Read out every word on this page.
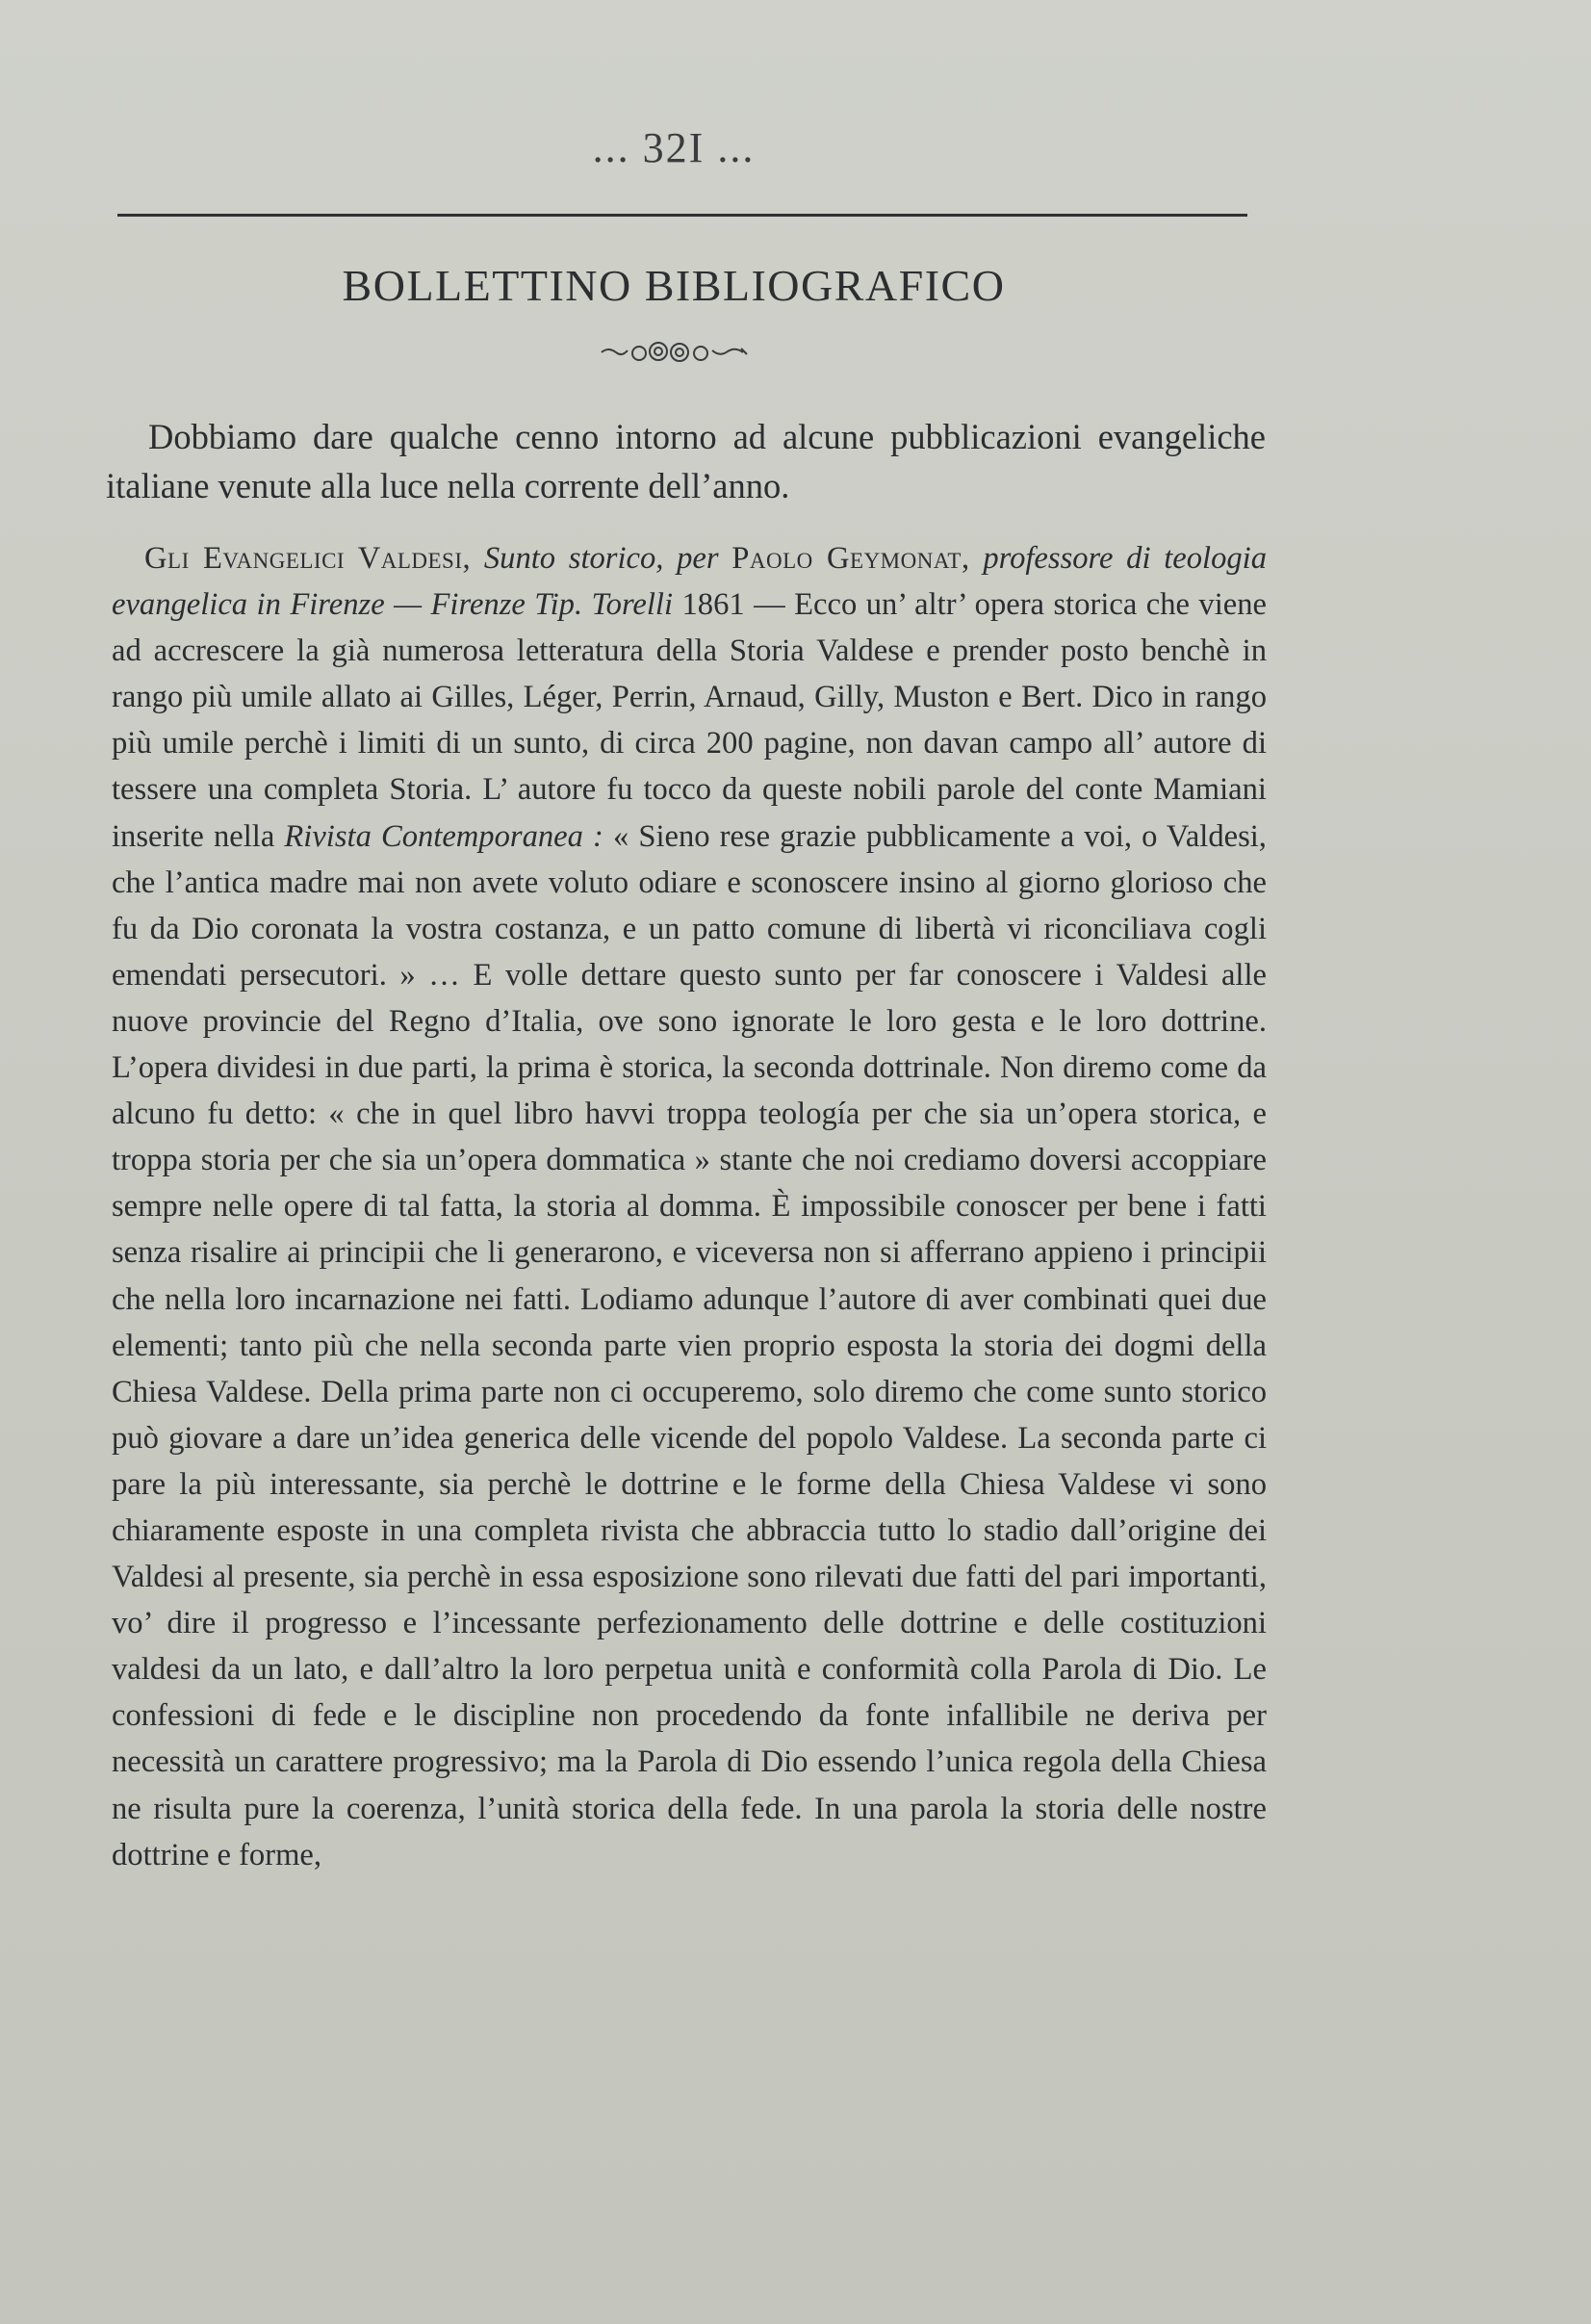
... 32I ...
BOLLETTINO BIBLIOGRAFICO

Dobbiamo dare qualche cenno intorno ad alcune pubblicazioni evangeliche italiane venute alla luce nella corrente dell’anno.

Gli Evangelici Valdesi, Sunto storico, per Paolo Geymonat, professore di teologia evangelica in Firenze — Firenze Tip. Torelli 1861 — Ecco un’ altr’ opera storica che viene ad accrescere la già numerosa letteratura della Storia Valdese e prender posto benchè in rango più umile allato ai Gilles, Léger, Perrin, Arnaud, Gilly, Muston e Bert. Dico in rango più umile perchè i limiti di un sunto, di circa 200 pagine, non davan campo all’ autore di tessere una completa Storia. L’ autore fu tocco da queste nobili parole del conte Mamiani inserite nella Rivista Contemporanea : « Sieno rese grazie pubblicamente a voi, o Valdesi, che l’antica madre mai non avete voluto odiare e sconoscere insino al giorno glorioso che fu da Dio coronata la vostra costanza, e un patto comune di libertà vi riconciliava cogli emendati persecutori. » … E volle dettare questo sunto per far conoscere i Valdesi alle nuove provincie del Regno d’Italia, ove sono ignorate le loro gesta e le loro dottrine. L’opera dividesi in due parti, la prima è storica, la seconda dottrinale. Non diremo come da alcuno fu detto: « che in quel libro havvi troppa teología per che sia un’opera storica, e troppa storia per che sia un’opera dommatica » stante che noi crediamo doversi accoppiare sempre nelle opere di tal fatta, la storia al domma. È impossibile conoscer per bene i fatti senza risalire ai principii che li generarono, e viceversa non si afferrano appieno i principii che nella loro incarnazione nei fatti. Lodiamo adunque l’autore di aver combinati quei due elementi; tanto più che nella seconda parte vien proprio esposta la storia dei dogmi della Chiesa Valdese. Della prima parte non ci occuperemo, solo diremo che come sunto storico può giovare a dare un’idea generica delle vicende del popolo Valdese. La seconda parte ci pare la più interessante, sia perchè le dottrine e le forme della Chiesa Valdese vi sono chiaramente esposte in una completa rivista che abbraccia tutto lo stadio dall’origine dei Valdesi al presente, sia perchè in essa esposizione sono rilevati due fatti del pari importanti, vo’ dire il progresso e l’incessante perfezionamento delle dottrine e delle costituzioni valdesi da un lato, e dall’altro la loro perpetua unità e conformità colla Parola di Dio. Le confessioni di fede e le discipline non procedendo da fonte infallibile ne deriva per necessità un carattere progressivo; ma la Parola di Dio essendo l’unica regola della Chiesa ne risulta pure la coerenza, l’unità storica della fede. In una parola la storia delle nostre dottrine e forme,
